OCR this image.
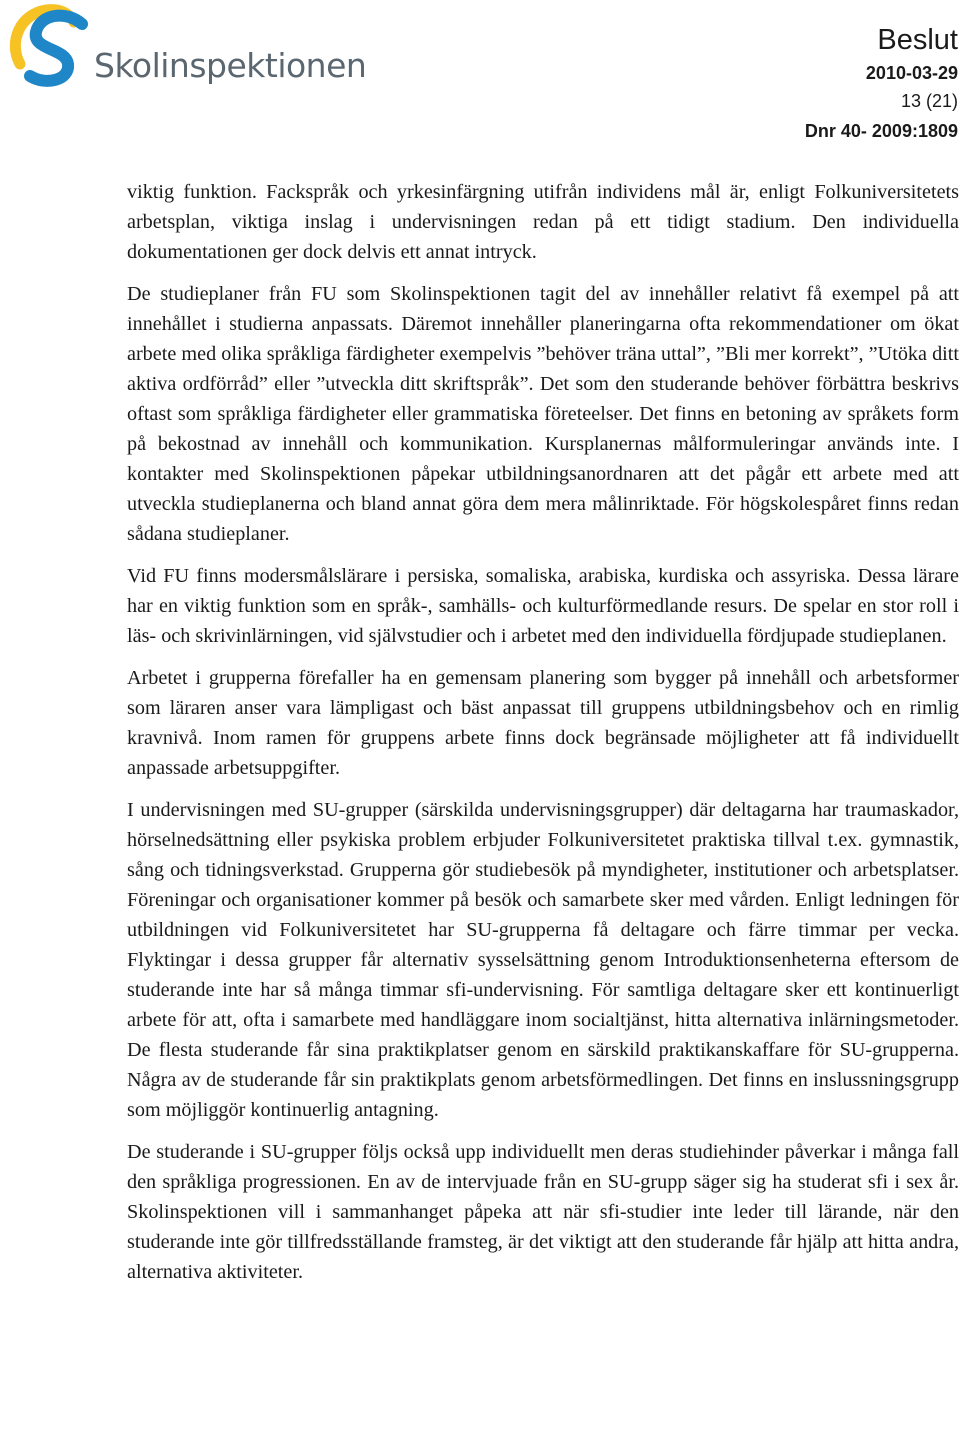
Skolinspektionen
Beslut
2010-03-29
13 (21)
Dnr 40- 2009:1809

viktig funktion. Fackspråk och yrkesinfärgning utifrån individens mål är, enligt Folkuniversitetets arbetsplan, viktiga inslag i undervisningen redan på ett tidigt stadium. Den individuella dokumentationen ger dock delvis ett annat intryck.

De studieplaner från FU som Skolinspektionen tagit del av innehåller relativt få exempel på att innehållet i studierna anpassats. Däremot innehåller planeringarna ofta rekommendationer om ökat arbete med olika språkliga färdigheter exempelvis ”behöver träna uttal”, ”Bli mer korrekt”, ”Utöka ditt aktiva ordförråd” eller ”utveckla ditt skriftspråk”. Det som den studerande behöver förbättra beskrivs oftast som språkliga färdigheter eller grammatiska företeelser. Det finns en betoning av språkets form på bekostnad av innehåll och kommunikation. Kursplanernas målformuleringar används inte. I kontakter med Skolinspektionen påpekar utbildningsanordnaren att det pågår ett arbete med att utveckla studieplanerna och bland annat göra dem mera målinriktade. För högskolespåret finns redan sådana studieplaner.

Vid FU finns modersmålslärare i persiska, somaliska, arabiska, kurdiska och assyriska. Dessa lärare har en viktig funktion som en språk-, samhälls- och kulturförmedlande resurs. De spelar en stor roll i läs- och skrivinlärningen, vid självstudier och i arbetet med den individuella fördjupade studieplanen.

Arbetet i grupperna förefaller ha en gemensam planering som bygger på innehåll och arbetsformer som läraren anser vara lämpligast och bäst anpassat till gruppens utbildningsbehov och en rimlig kravnivå. Inom ramen för gruppens arbete finns dock begränsade möjligheter att få individuellt anpassade arbetsuppgifter.

I undervisningen med SU-grupper (särskilda undervisningsgrupper) där deltagarna har traumaskador, hörselnedsättning eller psykiska problem erbjuder Folkuniversitetet praktiska tillval t.ex. gymnastik, sång och tidningsverkstad. Grupperna gör studiebesök på myndigheter, institutioner och arbetsplatser. Föreningar och organisationer kommer på besök och samarbete sker med vården. Enligt ledningen för utbildningen vid Folkuniversitetet har SU-grupperna få deltagare och färre timmar per vecka. Flyktingar i dessa grupper får alternativ sysselsättning genom Introduktionsenheterna eftersom de studerande inte har så många timmar sfi-undervisning. För samtliga deltagare sker ett kontinuerligt arbete för att, ofta i samarbete med handläggare inom socialtjänst, hitta alternativa inlärningsmetoder. De flesta studerande får sina praktikplatser genom en särskild praktikanskaffare för SU-gruppernа. Några av de studerande får sin praktikplats genom arbetsförmedlingen. Det finns en inslussningsgrupp som möjliggör kontinuerlig antagning.

De studerande i SU-grupper följs också upp individuellt men deras studiehinder påverkar i många fall den språkliga progressionen. En av de intervjuade från en SU-grupp säger sig ha studerat sfi i sex år. Skolinspektionen vill i sammanhanget påpeka att när sfi-studier inte leder till lärande, när den studerande inte gör tillfredsställande framsteg, är det viktigt att den studerande får hjälp att hitta andra, alternativa aktiviteter.
